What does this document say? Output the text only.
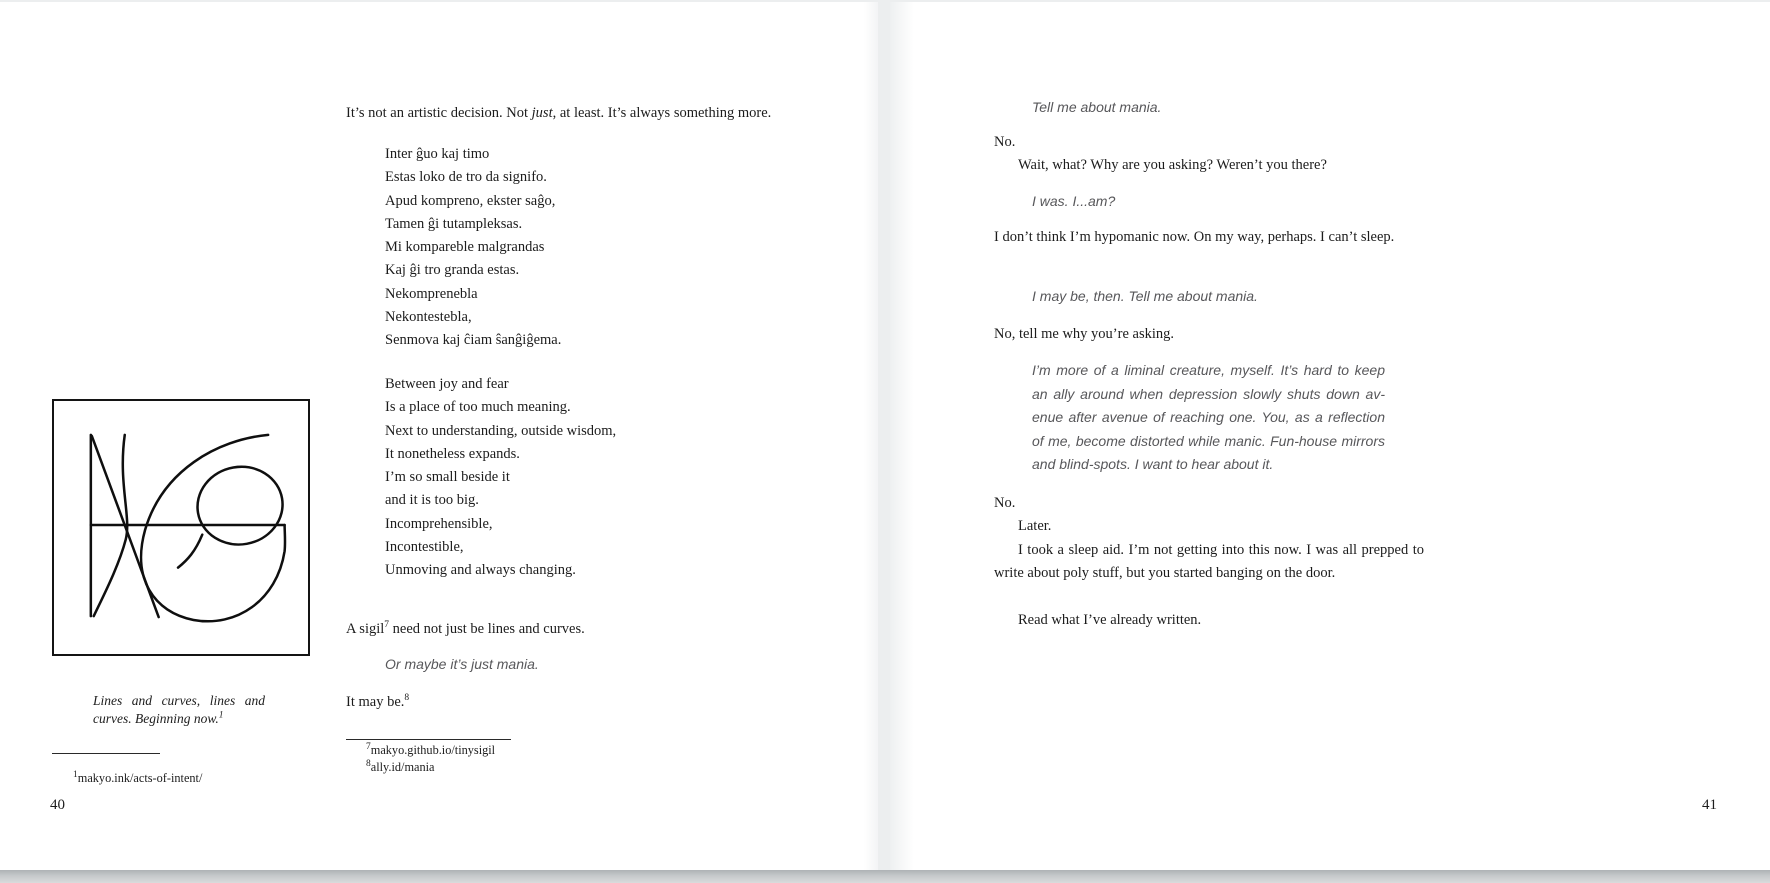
It’s not an artistic decision. Not just, at least. It’s always something more.

Inter ĝuo kaj timo
Estas loko de tro da signifo.
Apud kompreno, ekster saĝo,
Tamen ĝi tutampleksas.
Mi kompareble malgrandas
Kaj ĝi tro granda estas.
Nekomprenebla
Nekontestebla,
Senmova kaj ĉiam ŝanĝiĝema.
Between joy and fear
Is a place of too much meaning.
Next to understanding, outside wisdom,
It nonetheless expands.
I’m so small beside it
and it is too big.
Incomprehensible,
Incontestible,
Unmoving and always changing.

A sigil$^7$ need not just be lines and curves.

Or maybe it’s just mania.

It may be.$^8$

Lines and curves, lines and curves. Beginning now.$^1$

$^1$makyo.ink/acts-of-intent/

$^7$makyo.github.io/tinysigil
$^8$ally.id/mania
40

Tell me about mania.

No.

Wait, what? Why are you asking? Weren’t you there?

I was. I...am?

I don’t think I’m hypomanic now. On my way, perhaps. I can’t sleep.

I may be, then. Tell me about mania.

No, tell me why you’re asking.

I’m more of a liminal creature, myself. It’s hard to keep an ally around when depression slowly shuts down avenue after avenue of reaching one. You, as a reflection of me, become distorted while manic. Fun-house mirrors and blind-spots. I want to hear about it.

No.

Later.

I took a sleep aid. I’m not getting into this now. I was all prepped to write about poly stuff, but you started banging on the door.

Read what I’ve already written.

41
